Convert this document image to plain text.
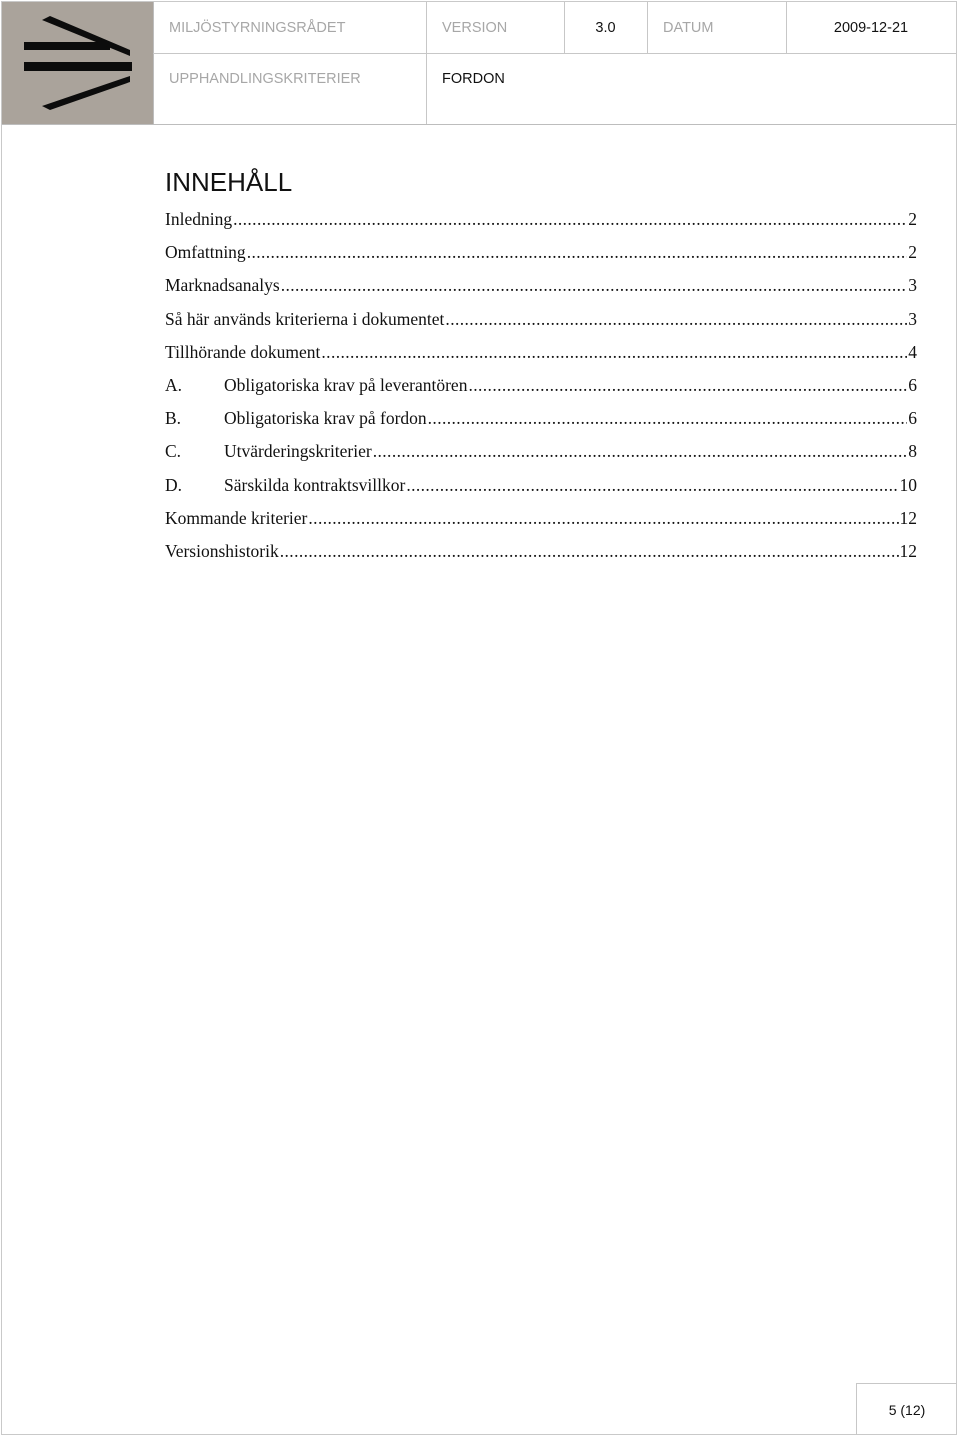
MILJÖSTYRNINGSRÅDET	VERSION	3.0	DATUM	2009-12-21
UPPHANDLINGSKRITERIER	FORDON
INNEHÅLL
Inledning .....	2
Omfattning .....	2
Marknadsanalys .....	3
Så här används kriterierna i dokumentet .....	3
Tillhörande dokument .....	4
A.	Obligatoriska krav på leverantören .....	6
B.	Obligatoriska krav på fordon .....	6
C.	Utvärderingskriterier .....	8
D.	Särskilda kontraktsvillkor .....	10
Kommande kriterier .....	12
Versionshistorik .....	12
5 (12)
